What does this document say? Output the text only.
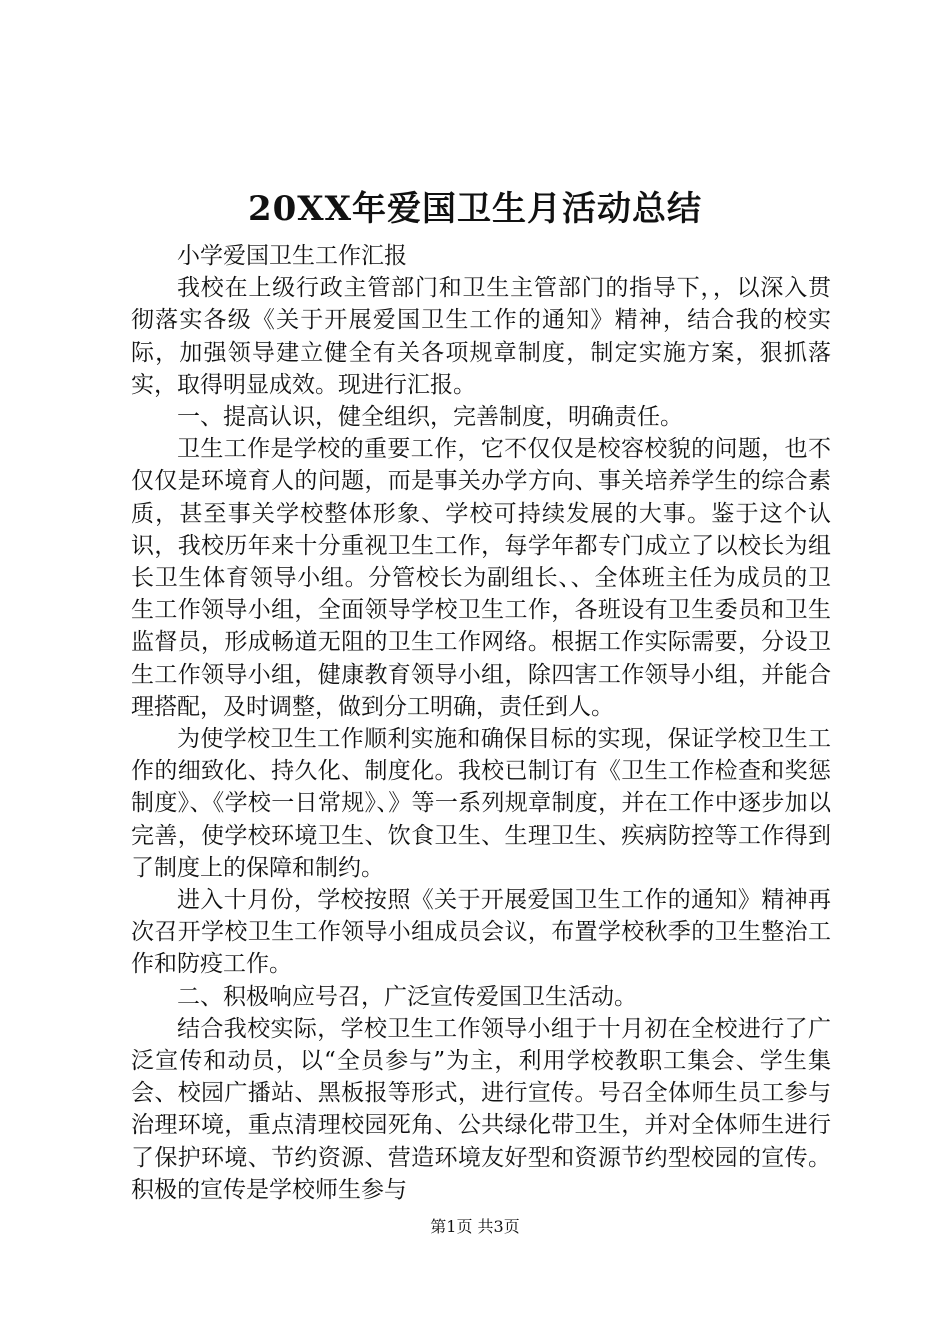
20XX年爱国卫生月活动总结

小学爱国卫生工作汇报

我校在上级行政主管部门和卫生主管部门的指导下，，以深入贯彻落实各级《关于开展爱国卫生工作的通知》精神，结合我的校实际，加强领导建立健全有关各项规章制度，制定实施方案，狠抓落实，取得明显成效。现进行汇报。

一、提高认识，健全组织，完善制度，明确责任。

卫生工作是学校的重要工作，它不仅仅是校容校貌的问题，也不仅仅是环境育人的问题，而是事关办学方向、事关培养学生的综合素质，甚至事关学校整体形象、学校可持续发展的大事。鉴于这个认识，我校历年来十分重视卫生工作，每学年都专门成立了以校长为组长卫生体育领导小组。分管校长为副组长、、全体班主任为成员的卫生工作领导小组，全面领导学校卫生工作，各班设有卫生委员和卫生监督员，形成畅道无阻的卫生工作网络。根据工作实际需要，分设卫生工作领导小组，健康教育领导小组，除四害工作领导小组，并能合理搭配，及时调整，做到分工明确，责任到人。

为使学校卫生工作顺利实施和确保目标的实现，保证学校卫生工作的细致化、持久化、制度化。我校已制订有《卫生工作检查和奖惩制度》、《学校一日常规》、》等一系列规章制度，并在工作中逐步加以完善，使学校环境卫生、饮食卫生、生理卫生、疾病防控等工作得到了制度上的保障和制约。

进入十月份，学校按照《关于开展爱国卫生工作的通知》精神再次召开学校卫生工作领导小组成员会议，布置学校秋季的卫生整治工作和防疫工作。

二、积极响应号召，广泛宣传爱国卫生活动。

结合我校实际，学校卫生工作领导小组于十月初在全校进行了广泛宣传和动员，以“全员参与”为主，利用学校教职工集会、学生集会、校园广播站、黑板报等形式，进行宣传。号召全体师生员工参与治理环境，重点清理校园死角、公共绿化带卫生，并对全体师生进行了保护环境、节约资源、营造环境友好型和资源节约型校园的宣传。积极的宣传是学校师生参与

第1页 共3页
